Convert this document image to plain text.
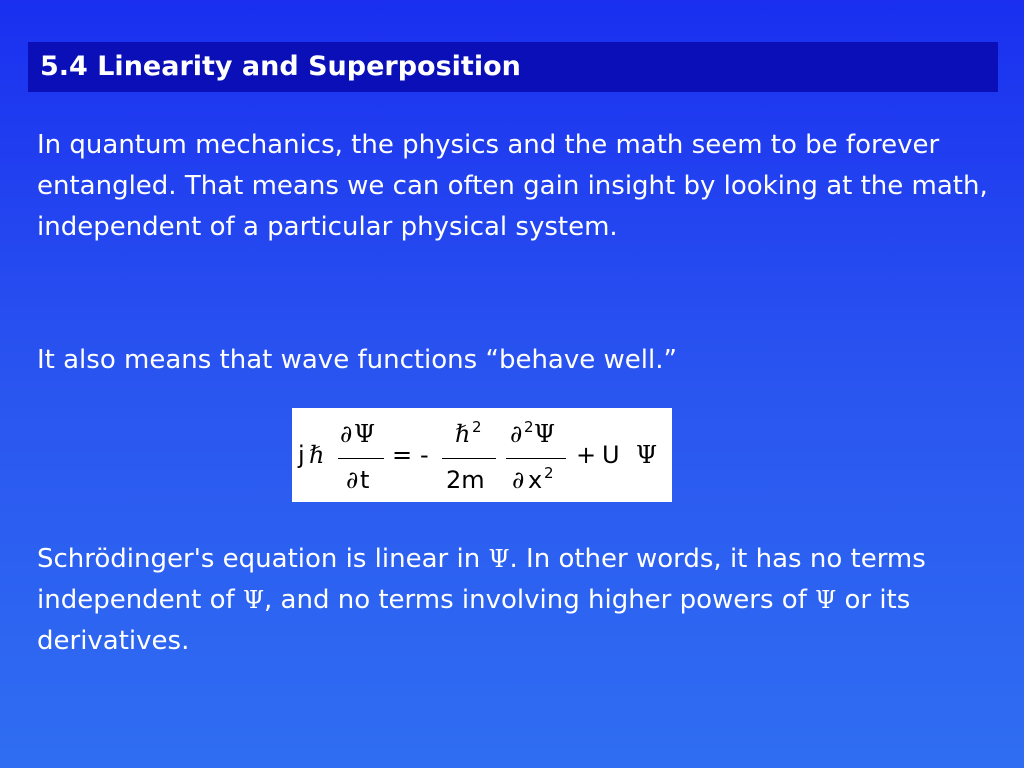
5.4 Linearity and Superposition
In quantum mechanics, the physics and the math seem to be forever entangled. That means we can often gain insight by looking at the math, independent of a particular physical system.
It also means that wave functions “behave well.”
j ℏ
∂ Ψ
∂ t
= -
ℏ 2
2m
∂ 2 Ψ
∂ x 2
+ U Ψ
Schrödinger's equation is linear in Ψ. In other words, it has no terms independent of Ψ, and no terms involving higher powers of Ψ or its derivatives.
